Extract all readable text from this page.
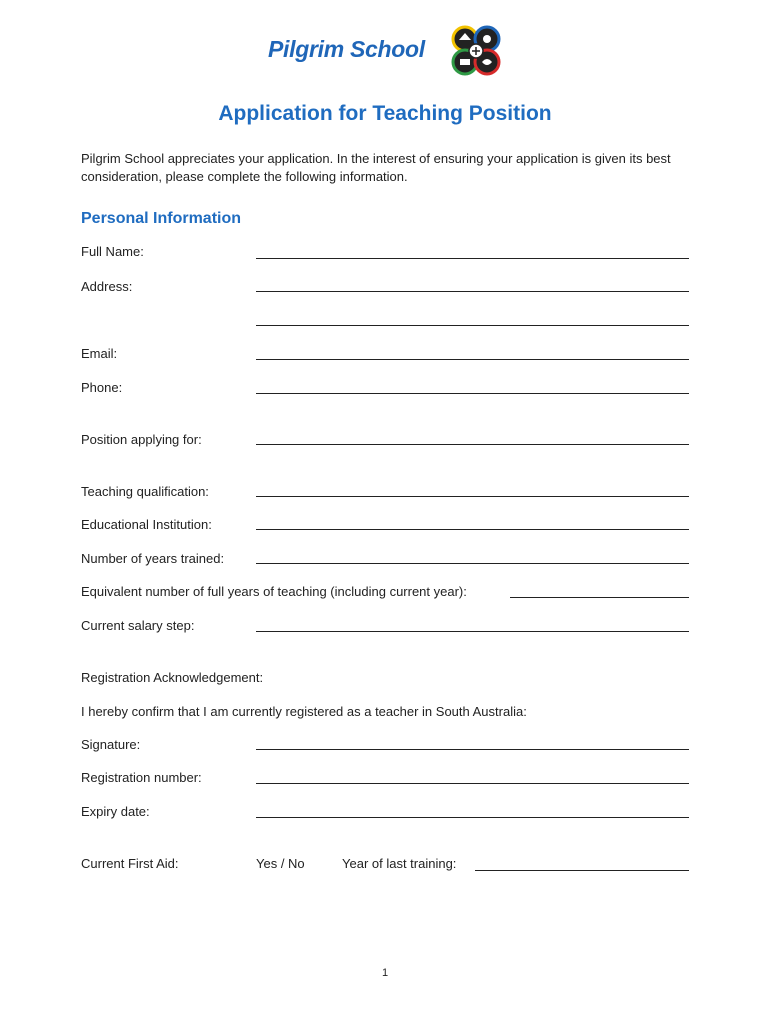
Pilgrim School
Application for Teaching Position
Pilgrim School appreciates your application. In the interest of ensuring your application is given its best consideration, please complete the following information.
Personal Information
Full Name:
Address:
Email:
Phone:
Position applying for:
Teaching qualification:
Educational Institution:
Number of years trained:
Equivalent number of full years of teaching (including current year):
Current salary step:
Registration Acknowledgement:
I hereby confirm that I am currently registered as a teacher in South Australia:
Signature:
Registration number:
Expiry date:
Current First Aid:	Yes / No	Year of last training:
1
